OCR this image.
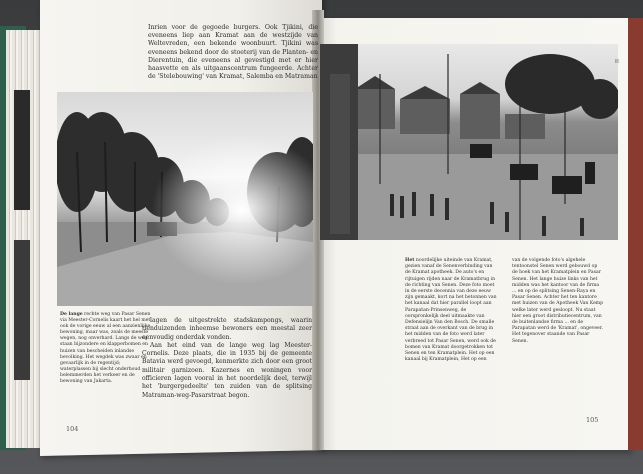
Inrien voor de gegoede burgers. Ook Tjikini, die eveneens liep aan Kramat aan de westzijde van Weltevreden, een bekende woonbuurt. Tjikini was eveneens bekend door de stoeterij van de Planten- en Dierentuin, die eveneens al gevestigd met er hier haasvette en als uitgaanscentrum fungeerde. Achter de 'Stelebouwing' van Kramat, Salemba en Matraman
De lange rechte weg van Pasar Senen via Meester-Cornelis kaart het hel met ook de vorige eeuw al een aanzienlijke bewoning, maar was, zoals de meeste wegen, nog onverhard. Langs de weg staan bijzondere en klapperbomen en huizen van bescheiden inlandse bevolking. Het wegdek was zwaar en gevaarlijk in de regentijd; waterplassen bij slecht onderhoud belemmerden het verkeer en de bewoning van Jakarta.

lagen de uitgestrekte stadskampongs, waarin tienduizenden inheemse bewoners een meestal zeer eenvoudig onderdak vonden.

Aan het eind van de lange weg lag Meester-Cornelis. Deze plaats, die in 1935 bij de gemeente Batavia werd gevoegd, kenmerkte zich door een groot militair garnizoen. Kazernes en woningen voor officieren lagen vooral in het noordelijk deel, terwijl het 'burgergedeelte' ten zuiden van de splitsing Matraman-weg-Pasarstraat begon.

Het noordelijke uiteinde van Kramat, gezien vanaf de Senenverbinding van de Kramat apotheek. De auto's en rijtuigen rijden naar de Kramatbrug in de richting van Senen. Deze foto moet in de eerste decennia van deze eeuw zijn gemaakt, kort na het betonnen van het kanaal dat hier parallel loopt aan Parapatan-Prinsenweg, de oorspronkelijk deel uitmaakte van Defensielijn Van den Bosch. De smalle straat aan de overkant van de brug in het midden van de foto werd later verbreed tot Pasar Senen, werd ook de bomen van Kramat doorgetrokken tot Senen en ten Kramatplein. Het op een kanaal bij Kramatplein, Het op een
van de volgende foto's algehele tentoonstel Senen werd gebouwd op de hoek van het Kramatplein en Pasar Senen. Het lange huize links van het midden was het kantoor van de firma ... en op de splitsing Senen-Raya en Pasar Senen. Achter het ten kantore met huizen van de Apotheek Van Kemp welke later werd gesloopt. Nu staat hier een groot distributiecentrum, van de buitenlandse firma ... en de Parapatan werd de 'Kramat', ongeveer. Het tegenover staande van Pasar Senen.
104
105
II
